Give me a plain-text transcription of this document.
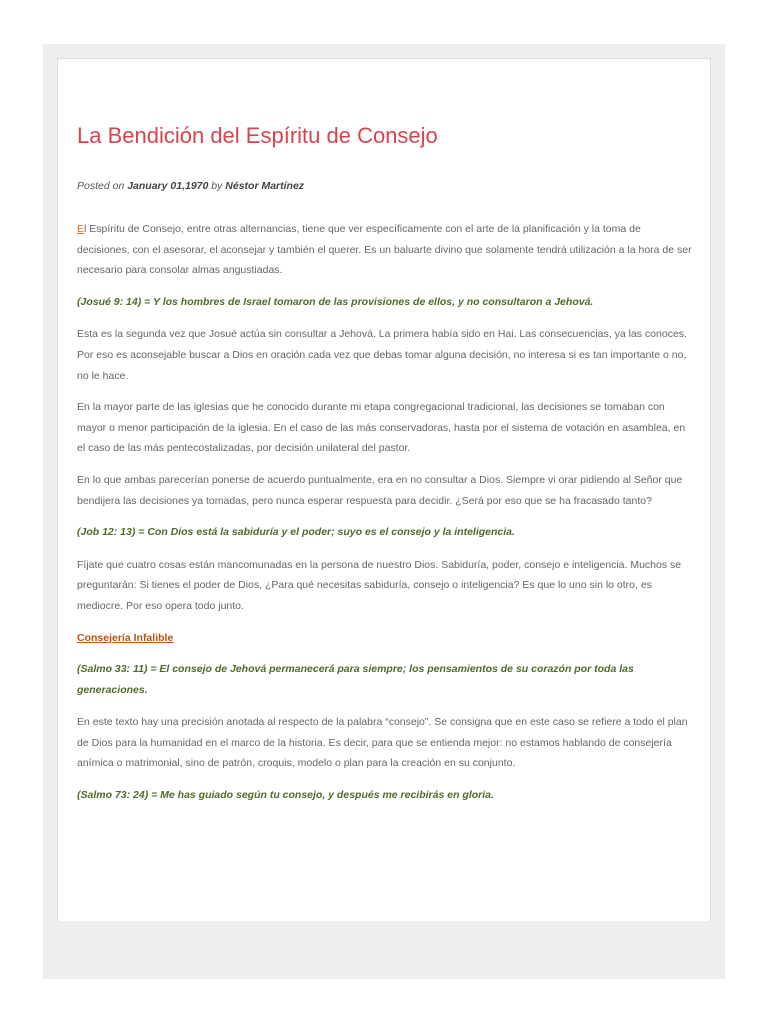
La Bendición del Espíritu de Consejo
Posted on January 01,1970 by Néstor Martínez

El Espíritu de Consejo, entre otras alternancias, tiene que ver específicamente con el arte de la planificación y la toma de decisiones, con el asesorar, el aconsejar y también el querer. Es un baluarte divino que solamente tendrá utilización a la hora de ser necesario para consolar almas angustiadas.

(Josué 9: 14) = Y los hombres de Israel tomaron de las provisiones de ellos, y no consultaron a Jehová.

Esta es la segunda vez que Josué actúa sin consultar a Jehová. La primera había sido en Hai. Las consecuencias, ya las conoces. Por eso es aconsejable buscar a Dios en oración cada vez que debas tomar alguna decisión, no interesa si es tan importante o no, no le hace.

En la mayor parte de las iglesias que he conocido durante mi etapa congregacional tradicional, las decisiones se tomaban con mayor o menor participación de la iglesia. En el caso de las más conservadoras, hasta por el sistema de votación en asamblea, en el caso de las más pentecostalizadas, por decisión unilateral del pastor.

En lo que ambas parecerían ponerse de acuerdo puntualmente, era en no consultar a Dios. Siempre vi orar pidiendo al Señor que bendijera las decisiones ya tomadas, pero nunca esperar respuesta para decidir. ¿Será por eso que se ha fracasado tanto?

(Job 12: 13) = Con Dios está la sabiduría y el poder; suyo es el consejo y la inteligencia.

Fíjate que cuatro cosas están mancomunadas en la persona de nuestro Dios. Sabiduría, poder, consejo e inteligencia. Muchos se preguntarán: Si tienes el poder de Dios, ¿Para qué necesitas sabiduría, consejo o inteligencia? Es que lo uno sin lo otro, es mediocre. Por eso opera todo junto.

Consejería Infalible

(Salmo 33: 11) = El consejo de Jehová permanecerá para siempre; los pensamientos de su corazón por toda las generaciones.

En este texto hay una precisión anotada al respecto de la palabra “consejo”. Se consigna que en este caso se refiere a todo el plan de Dios para la humanidad en el marco de la historia. Es decir, para que se entienda mejor: no estamos hablando de consejería anímica o matrimonial, sino de patrón, croquis, modelo o plan para la creación en su conjunto.

(Salmo 73: 24) = Me has guiado según tu consejo, y después me recibirás en gloria.
